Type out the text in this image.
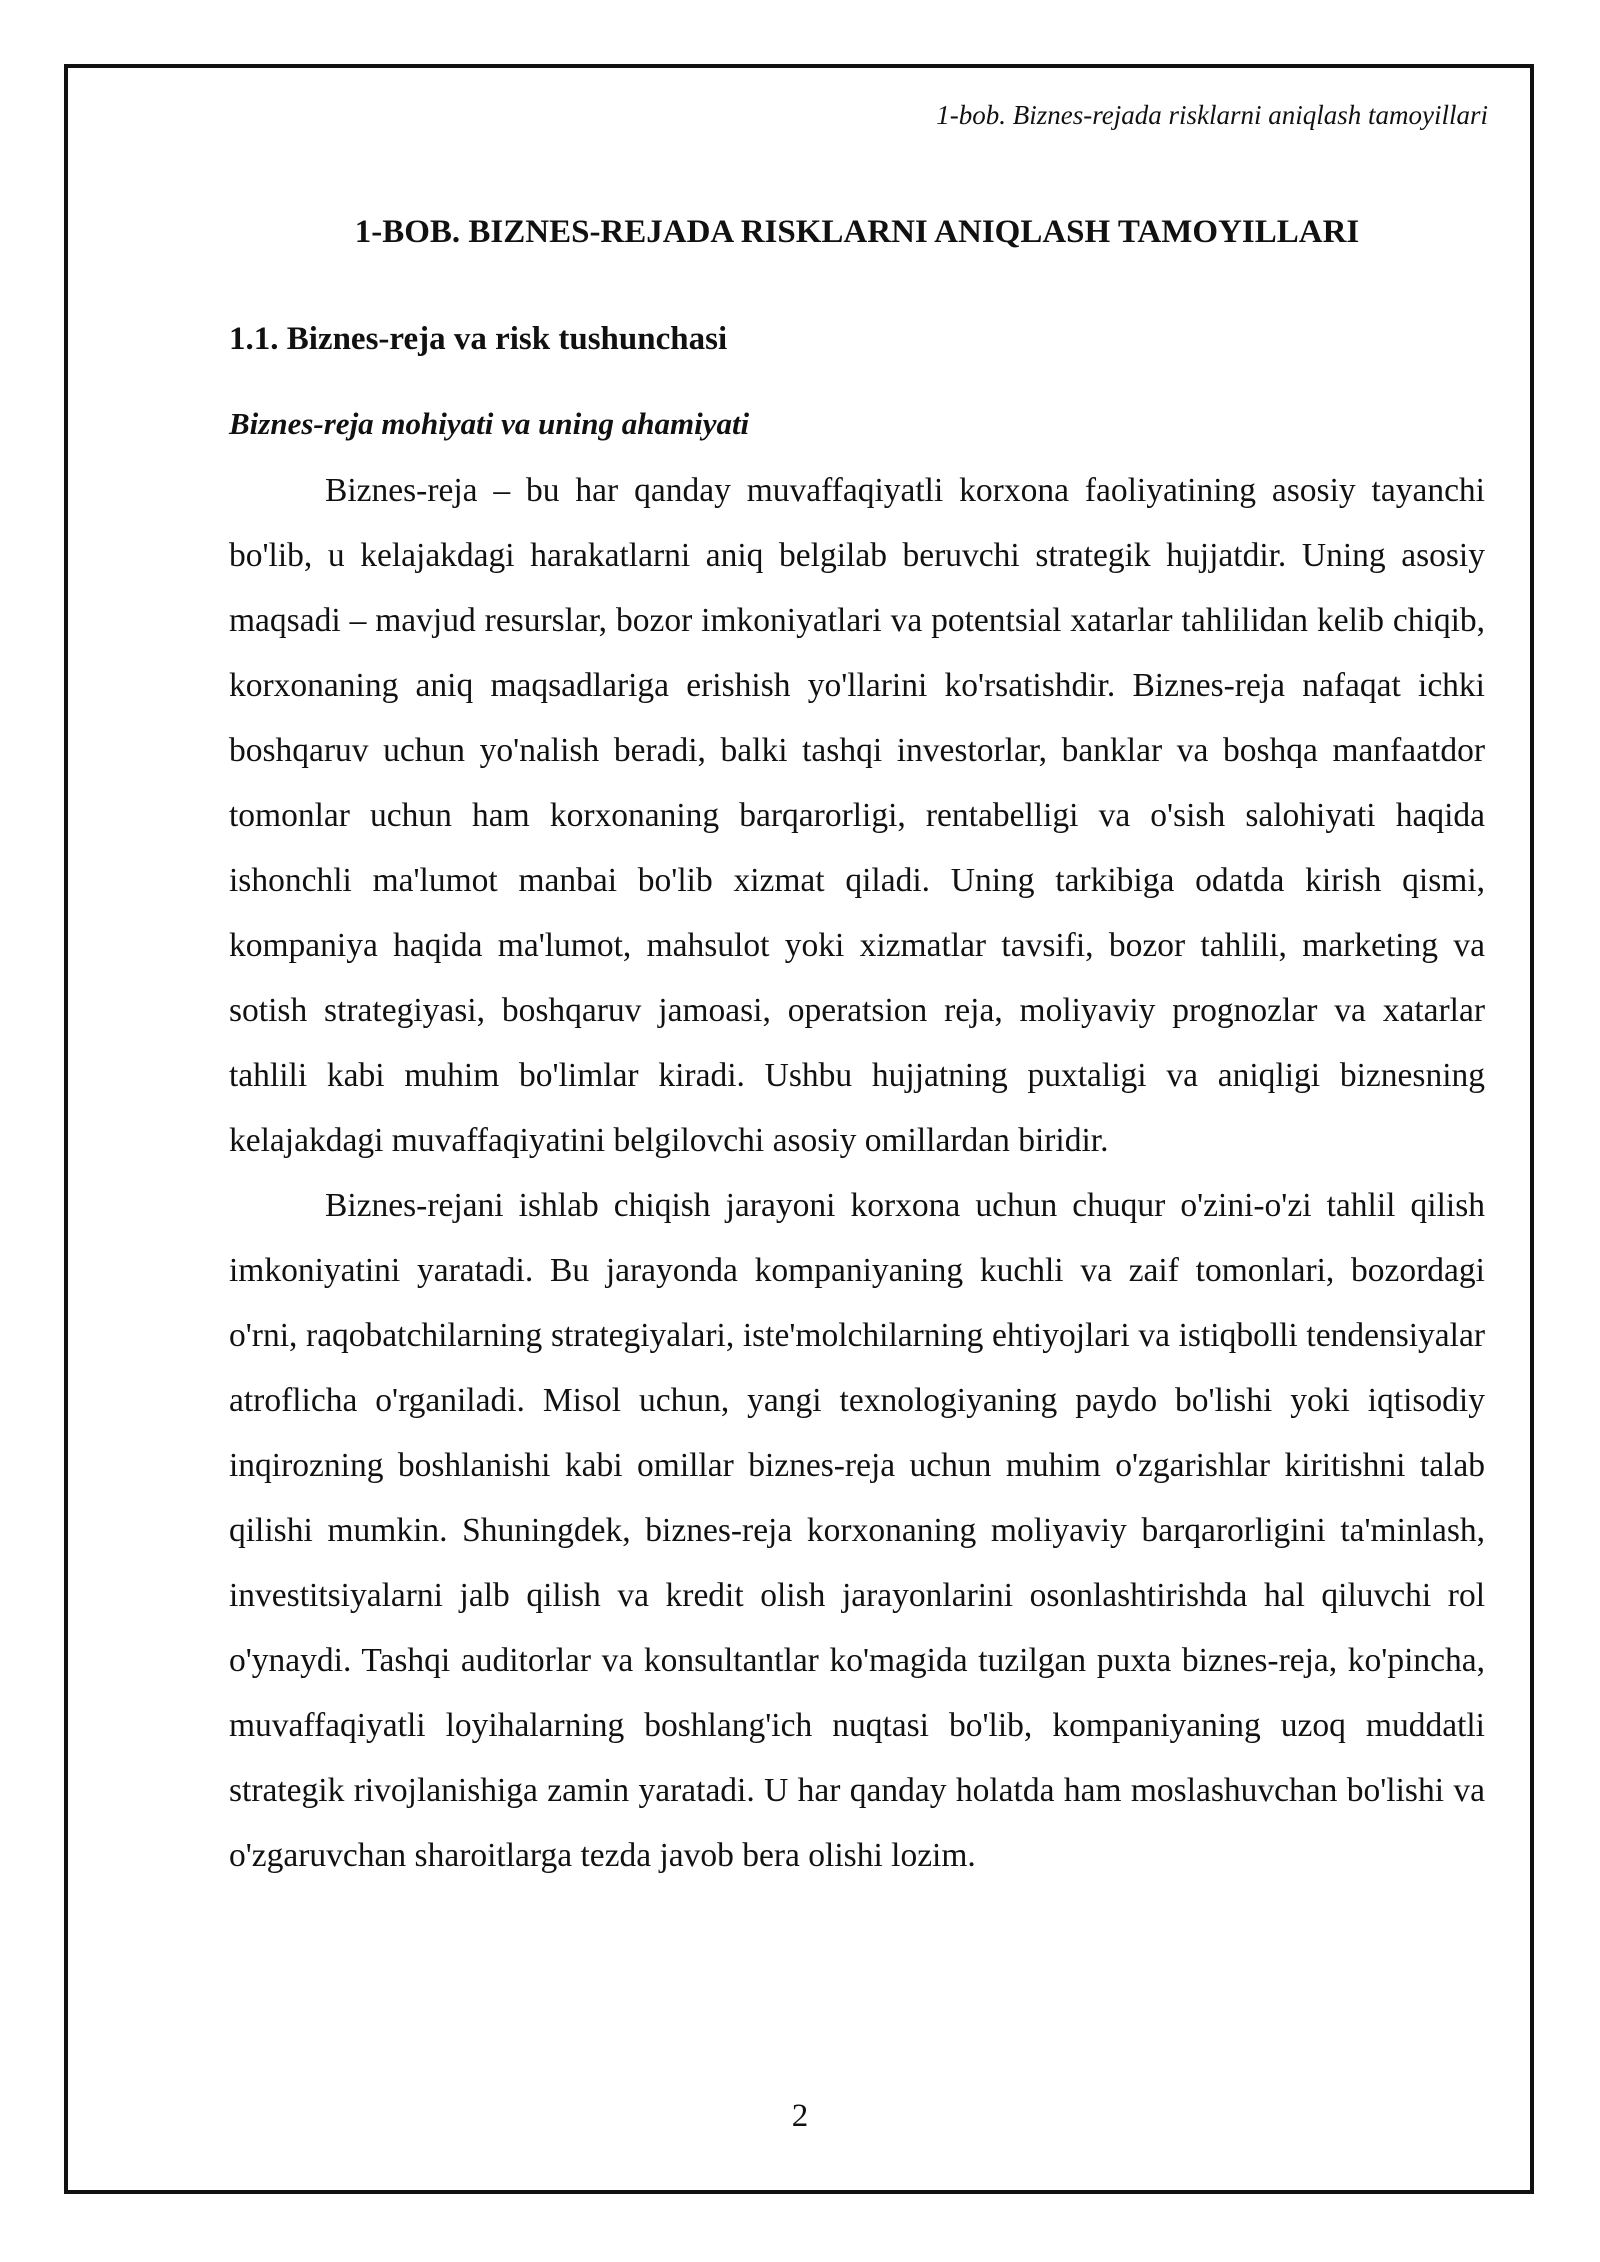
1-bob. Biznes-rejada risklarni aniqlash tamoyillari
1-BOB. BIZNES-REJADA RISKLARNI ANIQLASH TAMOYILLARI
1.1. Biznes-reja va risk tushunchasi
Biznes-reja mohiyati va uning ahamiyati

Biznes-reja – bu har qanday muvaffaqiyatli korxona faoliyatining asosiy tayanchi bo'lib, u kelajakdagi harakatlarni aniq belgilab beruvchi strategik hujjatdir. Uning asosiy maqsadi – mavjud resurslar, bozor imkoniyatlari va potentsial xatarlar tahlilidan kelib chiqib, korxonaning aniq maqsadlariga erishish yo'llarini ko'rsatishdir. Biznes-reja nafaqat ichki boshqaruv uchun yo'nalish beradi, balki tashqi investorlar, banklar va boshqa manfaatdor tomonlar uchun ham korxonaning barqarorligi, rentabelligi va o'sish salohiyati haqida ishonchli ma'lumot manbai bo'lib xizmat qiladi. Uning tarkibiga odatda kirish qismi, kompaniya haqida ma'lumot, mahsulot yoki xizmatlar tavsifi, bozor tahlili, marketing va sotish strategiyasi, boshqaruv jamoasi, operatsion reja, moliyaviy prognozlar va xatarlar tahlili kabi muhim bo'limlar kiradi. Ushbu hujjatning puxtaligi va aniqligi biznesning kelajakdagi muvaffaqiyatini belgilovchi asosiy omillardan biridir.

Biznes-rejani ishlab chiqish jarayoni korxona uchun chuqur o'zini-o'zi tahlil qilish imkoniyatini yaratadi. Bu jarayonda kompaniyaning kuchli va zaif tomonlari, bozordagi o'rni, raqobatchilarning strategiyalari, iste'molchilarning ehtiyojlari va istiqbolli tendensiyalar atroflicha o'rganiladi. Misol uchun, yangi texnologiyaning paydo bo'lishi yoki iqtisodiy inqirozning boshlanishi kabi omillar biznes-reja uchun muhim o'zgarishlar kiritishni talab qilishi mumkin. Shuningdek, biznes-reja korxonaning moliyaviy barqarorligini ta'minlash, investitsiyalarni jalb qilish va kredit olish jarayonlarini osonlashtirishda hal qiluvchi rol o'ynaydi. Tashqi auditorlar va konsultantlar ko'magida tuzilgan puxta biznes-reja, ko'pincha, muvaffaqiyatli loyihalarning boshlang'ich nuqtasi bo'lib, kompaniyaning uzoq muddatli strategik rivojlanishiga zamin yaratadi. U har qanday holatda ham moslashuvchan bo'lishi va o'zgaruvchan sharoitlarga tezda javob bera olishi lozim.

2
